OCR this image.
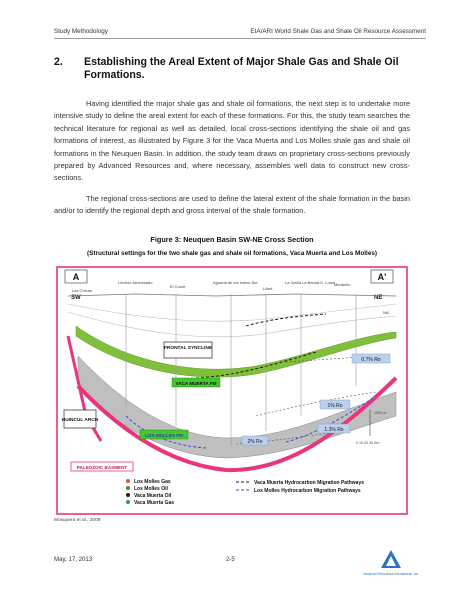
Study Methodology	EIA/ARI World Shale Gas and Shale Oil Resource Assessment
2. Establishing the Areal Extent of Major Shale Gas and Shale Oil Formations.
Having identified the major shale gas and shale oil formations, the next step is to undertake more intensive study to define the areal extent for each of these formations. For this, the study team searches the technical literature for regional as well as detailed, local cross-sections identifying the shale oil and gas formations of interest, as illustrated by Figure 3 for the Vaca Muerta and Los Molles shale gas and shale oil formations in the Neuquen Basin. In addition, the study team draws on proprietary cross-sections previously prepared by Advanced Resources and, where necessary, assembles well data to construct new cross-sections.
The regional cross-sections are used to define the lateral extent of the shale formation in the basin and/or to identify the regional depth and gross interval of the shale formation.
Figure 3: Neuquen Basin SW-NE Cross Section
(Structural settings for the two shale gas and shale oil formations, Vaca Muerta and Los Molles)
A
SW
A'
NE
Las Chivas
Lindero Atravesado
El Cruce
Aguada de los Indios Sur
Lilled
La Jarilla La Banda E. Loma
Medanito
FRONTAL SYNCLINE
VACA MUERTA FM
LOS MOLLES FM
HUINCUL ARCH
PALEOZOIC BASMENT
0.7% Ro
1% Ro
1.3% Ro
2% Ro
NM
1000 m
0 10 20 30 Km
Los Molles Gas
Los Molles Oil
Vaca Muerta Oil
Vaca Muerta Gas
Vaca Muerta Hydrocarbon Migration Pathways
Los Molles Hydrocarbon Migration Pathways
Mosquera et al., 2009
May, 17, 2013	2-5
Advanced Resources International, Inc.
